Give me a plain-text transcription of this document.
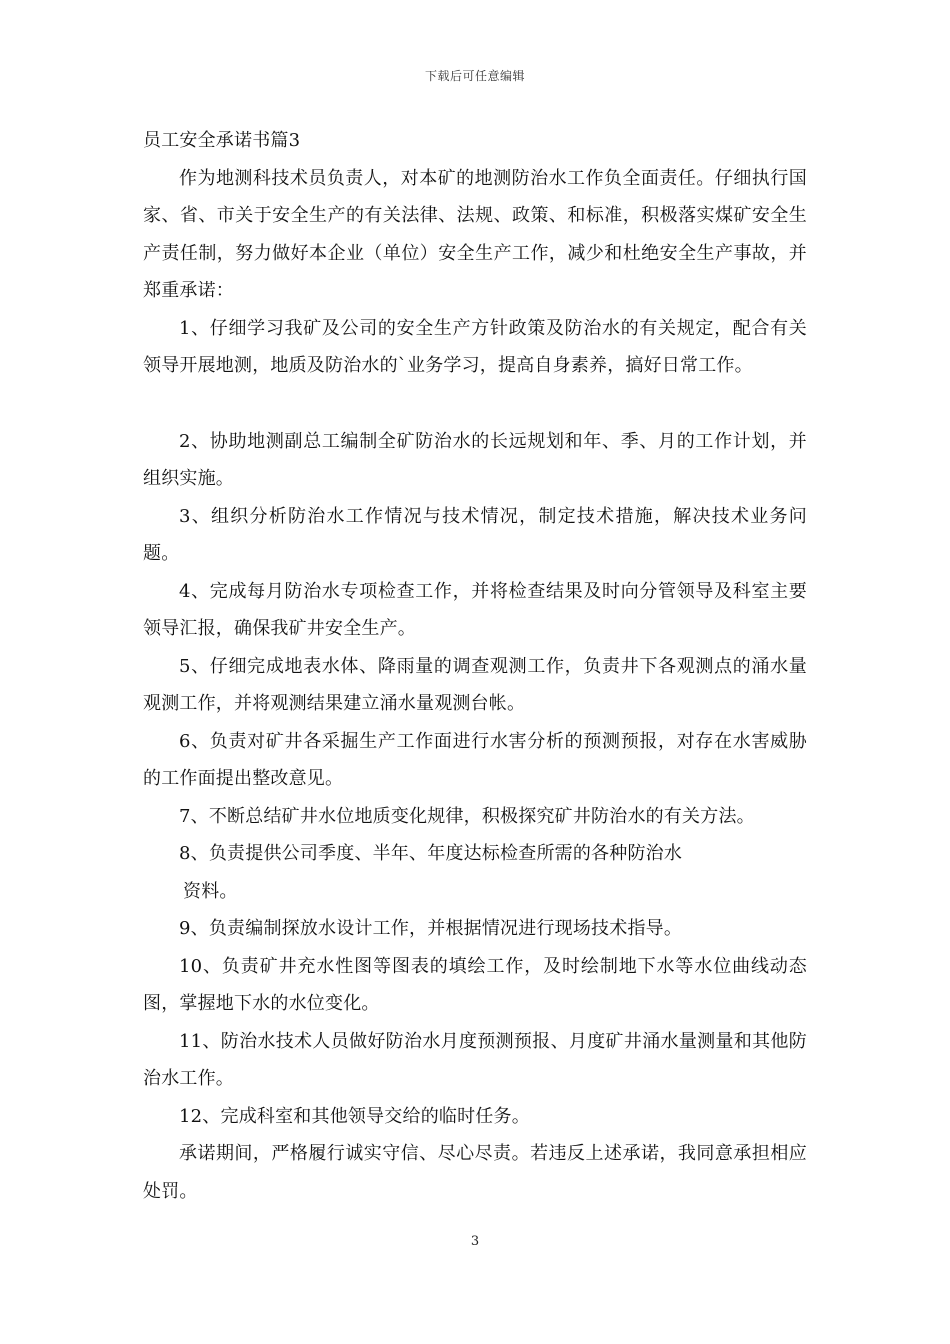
下载后可任意编辑

员工安全承诺书篇3

作为地测科技术员负责人，对本矿的地测防治水工作负全面责任。仔细执行国家、省、市关于安全生产的有关法律、法规、政策、和标准，积极落实煤矿安全生产责任制，努力做好本企业（单位）安全生产工作，减少和杜绝安全生产事故，并郑重承诺：

1、仔细学习我矿及公司的安全生产方针政策及防治水的有关规定，配合有关领导开展地测，地质及防治水的`业务学习，提高自身素养，搞好日常工作。

2、协助地测副总工编制全矿防治水的长远规划和年、季、月的工作计划，并组织实施。

3、组织分析防治水工作情况与技术情况，制定技术措施，解决技术业务问题。

4、完成每月防治水专项检查工作，并将检查结果及时向分管领导及科室主要领导汇报，确保我矿井安全生产。

5、仔细完成地表水体、降雨量的调查观测工作，负责井下各观测点的涌水量观测工作，并将观测结果建立涌水量观测台帐。

6、负责对矿井各采掘生产工作面进行水害分析的预测预报，对存在水害威胁的工作面提出整改意见。

7、不断总结矿井水位地质变化规律，积极探究矿井防治水的有关方法。

8、负责提供公司季度、半年、年度达标检查所需的各种防治水

资料。

9、负责编制探放水设计工作，并根据情况进行现场技术指导。

10、负责矿井充水性图等图表的填绘工作，及时绘制地下水等水位曲线动态图，掌握地下水的水位变化。

11、防治水技术人员做好防治水月度预测预报、月度矿井涌水量测量和其他防治水工作。

12、完成科室和其他领导交给的临时任务。

承诺期间，严格履行诚实守信、尽心尽责。若违反上述承诺，我同意承担相应处罚。

3
